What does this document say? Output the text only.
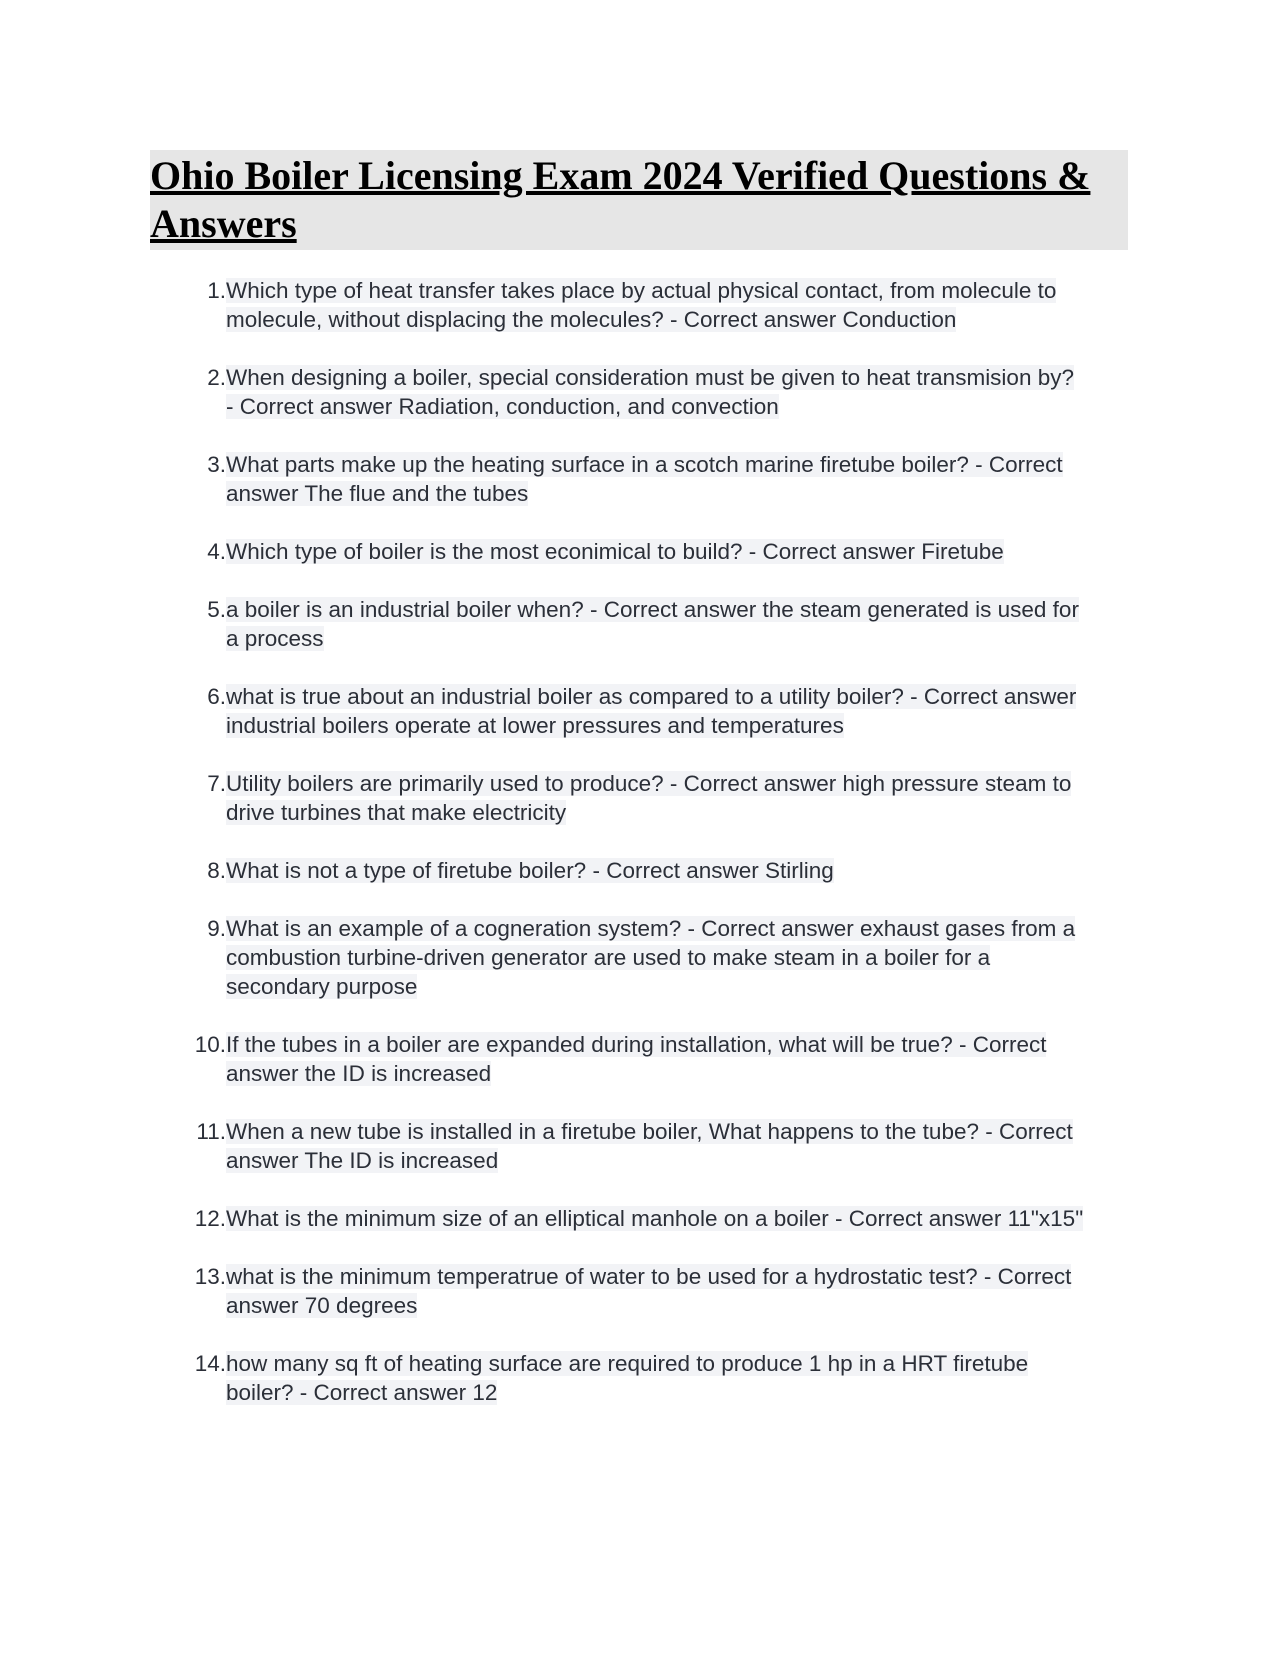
Ohio Boiler Licensing Exam 2024 Verified Questions & Answers
1. Which type of heat transfer takes place by actual physical contact, from molecule to molecule, without displacing the molecules? - Correct answer Conduction
2. When designing a boiler, special consideration must be given to heat transmision by? - Correct answer Radiation, conduction, and convection
3. What parts make up the heating surface in a scotch marine firetube boiler? - Correct answer The flue and the tubes
4. Which type of boiler is the most econimical to build? - Correct answer Firetube
5. a boiler is an industrial boiler when? - Correct answer the steam generated is used for a process
6. what is true about an industrial boiler as compared to a utility boiler? - Correct answer industrial boilers operate at lower pressures and temperatures
7. Utility boilers are primarily used to produce? - Correct answer high pressure steam to drive turbines that make electricity
8. What is not a type of firetube boiler? - Correct answer Stirling
9. What is an example of a cogneration system? - Correct answer exhaust gases from a combustion turbine-driven generator are used to make steam in a boiler for a secondary purpose
10. If the tubes in a boiler are expanded during installation, what will be true? - Correct answer the ID is increased
11. When a new tube is installed in a firetube boiler, What happens to the tube? - Correct answer The ID is increased
12. What is the minimum size of an elliptical manhole on a boiler - Correct answer 11"x15"
13. what is the minimum temperatrue of water to be used for a hydrostatic test? - Correct answer 70 degrees
14. how many sq ft of heating surface are required to produce 1 hp in a HRT firetube boiler? - Correct answer 12
